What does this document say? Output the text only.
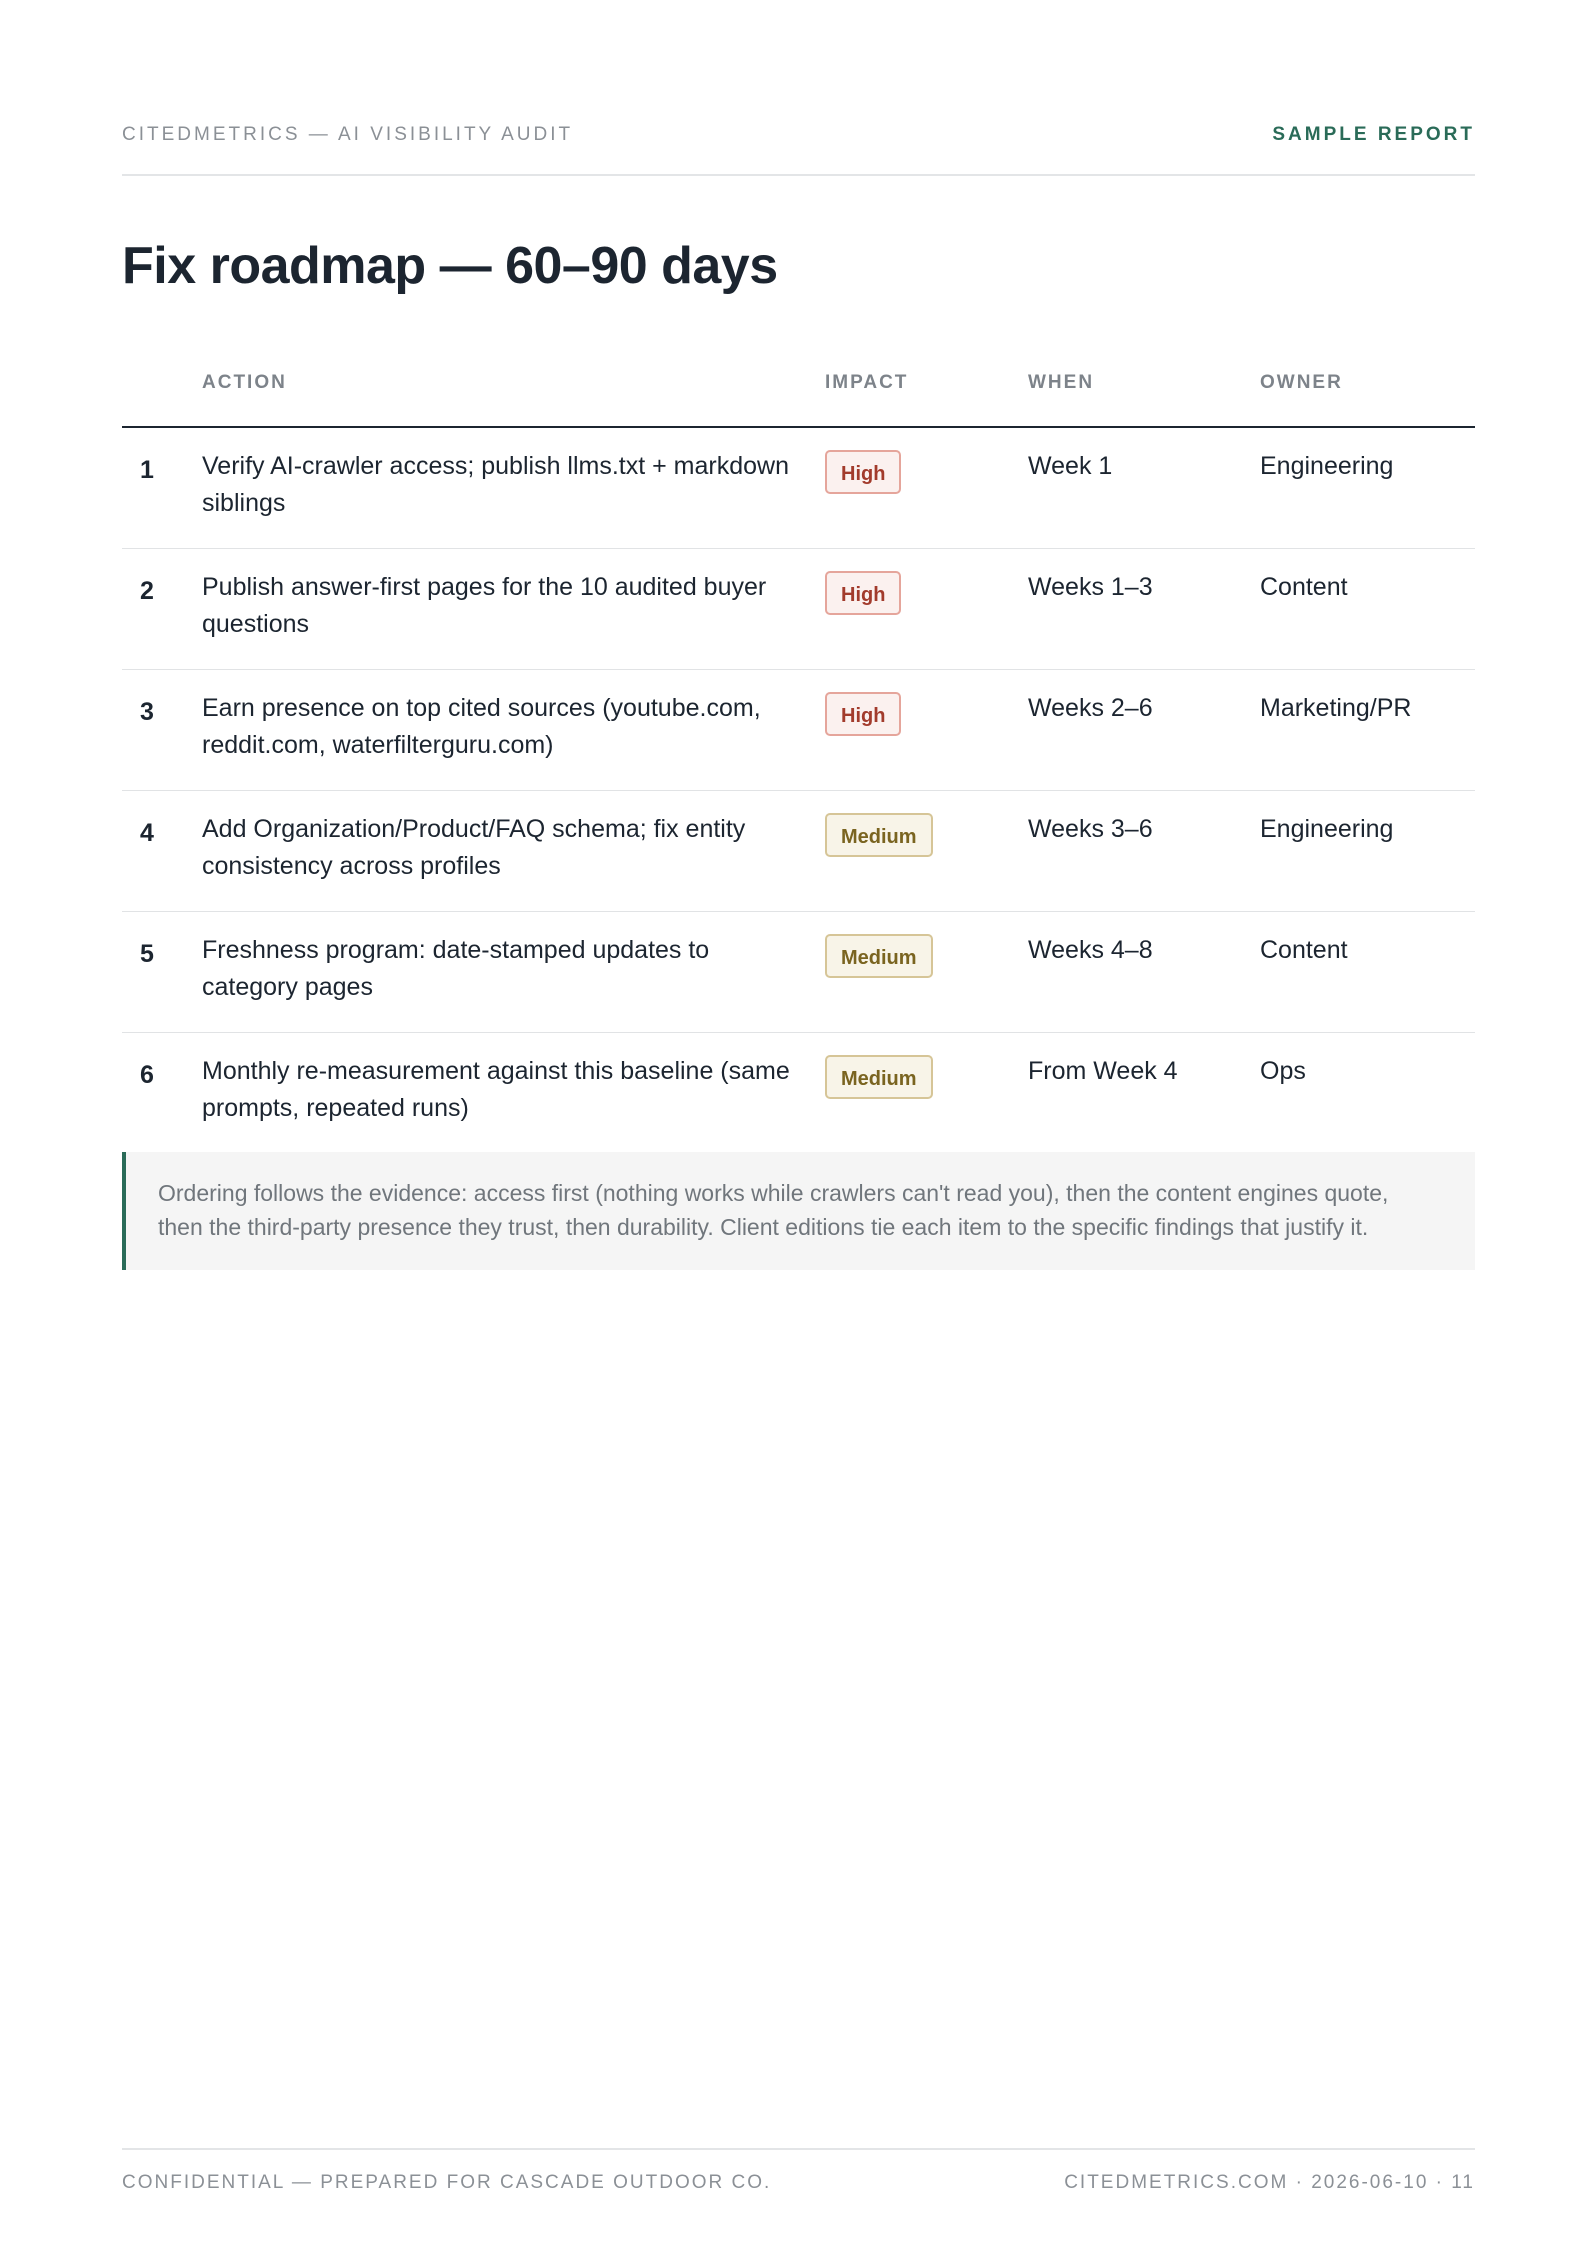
CITEDMETRICS — AI VISIBILITY AUDIT	SAMPLE REPORT
Fix roadmap — 60–90 days
	ACTION	IMPACT	WHEN	OWNER
1	Verify AI-crawler access; publish llms.txt + markdown siblings	High	Week 1	Engineering
2	Publish answer-first pages for the 10 audited buyer questions	High	Weeks 1–3	Content
3	Earn presence on top cited sources (youtube.com, reddit.com, waterfilterguru.com)	High	Weeks 2–6	Marketing/PR
4	Add Organization/Product/FAQ schema; fix entity consistency across profiles	Medium	Weeks 3–6	Engineering
5	Freshness program: date-stamped updates to category pages	Medium	Weeks 4–8	Content
6	Monthly re-measurement against this baseline (same prompts, repeated runs)	Medium	From Week 4	Ops
Ordering follows the evidence: access first (nothing works while crawlers can't read you), then the content engines quote, then the third-party presence they trust, then durability. Client editions tie each item to the specific findings that justify it.
CONFIDENTIAL — PREPARED FOR CASCADE OUTDOOR CO.	CITEDMETRICS.COM · 2026-06-10 · 11
